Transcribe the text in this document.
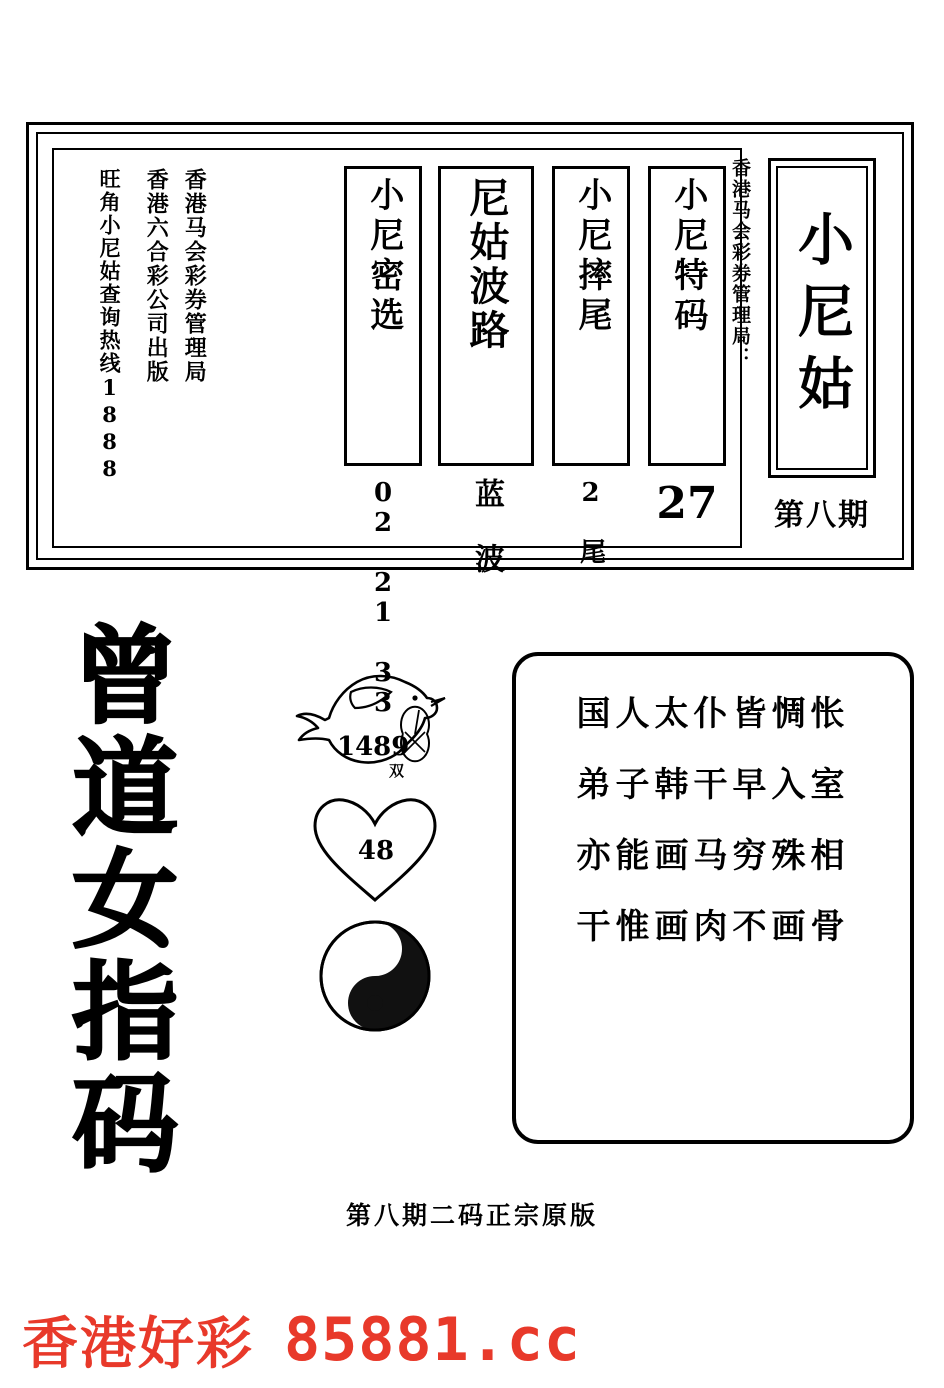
小尼姑
香港马会彩券管理局：
第八期
小尼特码
27
小尼摔尾
2 尾
尼姑波路
蓝 波
小尼密选
02 21 33
香港马会彩券管理局
香港六合彩公司出版
旺角小尼姑查询热线1888
曾道女指码	1489
双
23
48
国人太仆皆惆怅
弟子韩干早入室
亦能画马穷殊相
干惟画肉不画骨
第八期二码正宗原版
香港好彩 85881.cc
